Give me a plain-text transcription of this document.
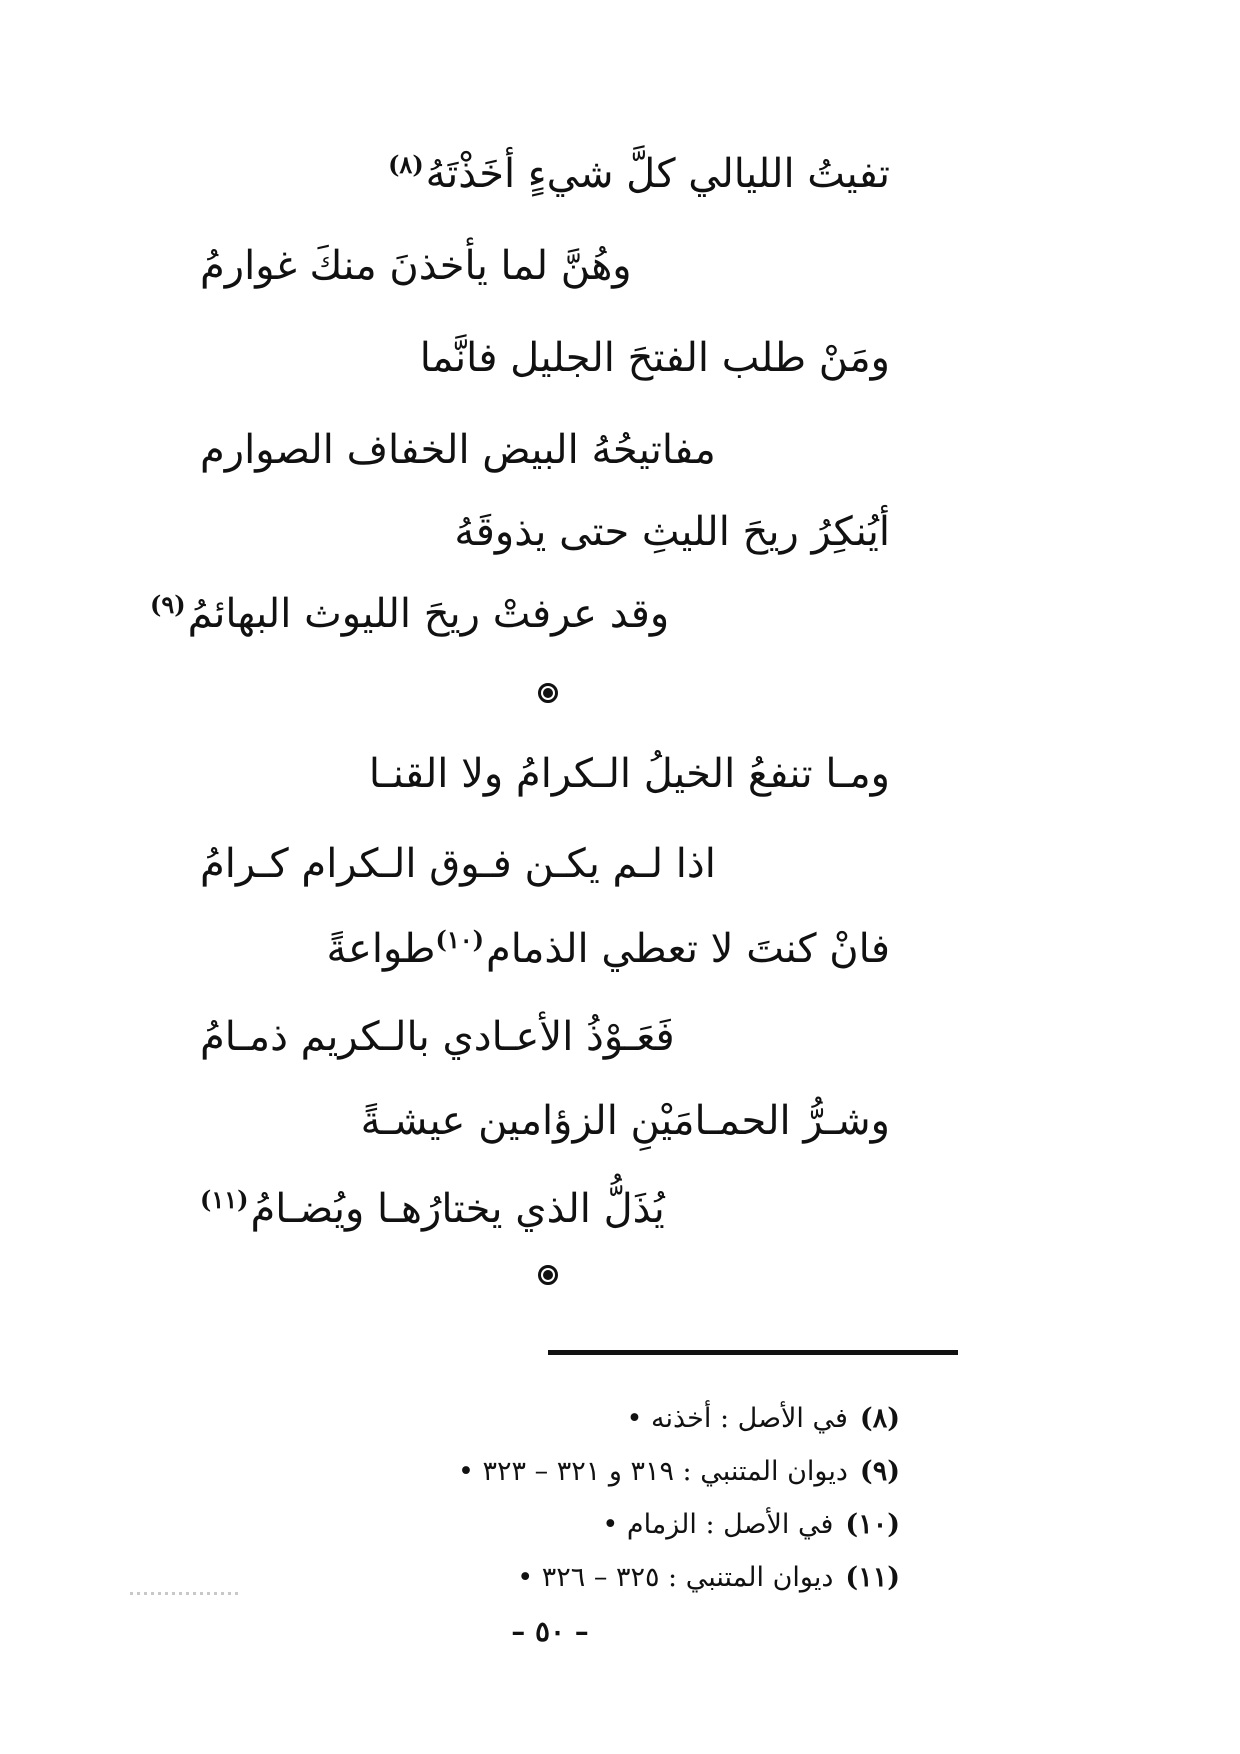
تفيتُ الليالي كلَّ شيءٍ أخَذْتَهُ$^{(٨)}$
وهُنَّ لما يأخذنَ منكَ غوارمُ
ومَنْ طلب الفتحَ الجليل فانَّما
مفاتيحُهُ البيض الخفاف الصوارم
أيُنكِرُ ريحَ الليثِ حتى يذوقَهُ
وقد عرفتْ ريحَ الليوث البهائمُ$^{(٩)}$
ومـا تنفعُ الخيلُ الـكرامُ ولا القنـا
اذا لـم يكـن فـوق الـكرام كـرامُ
فانْ كنتَ لا تعطي الذمام$^{(١٠)}$طواعةً
فَعَـوْذُ الأعـادي بالـكريم ذمـامُ
وشـرُّ الحمـامَيْنِ الزؤامين عيشـةً
يُذَلُّ الذي يختارُهـا ويُضـامُ$^{(١١)}$
(٨)في الأصل : أخذنه •
(٩)ديوان المتنبي : ٣١٩ و ٣٢١ – ٣٢٣ •
(١٠)في الأصل : الزمام •
(١١)ديوان المتنبي : ٣٢٥ – ٣٢٦ •
– ٥٠ –
